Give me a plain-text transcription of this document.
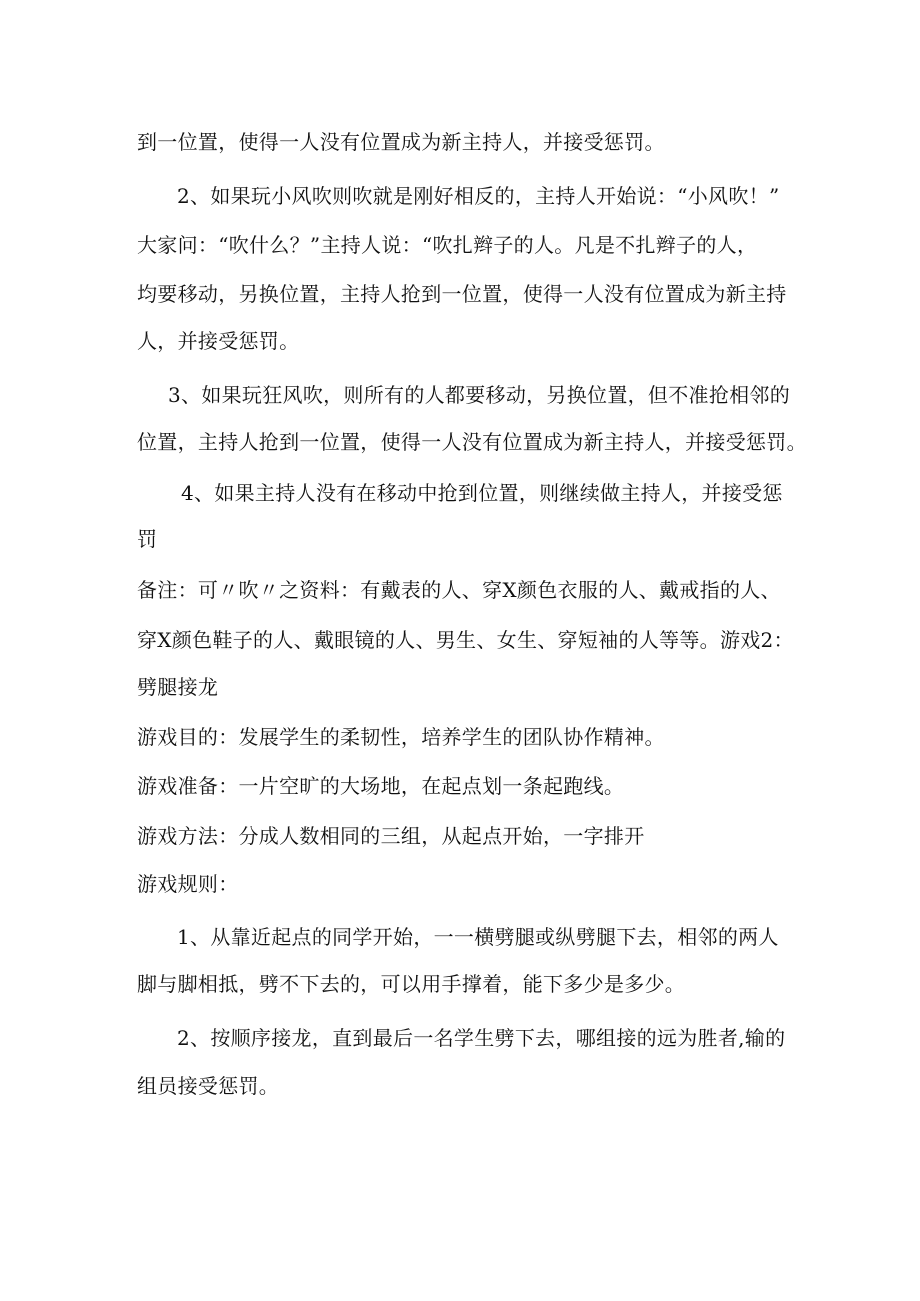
到一位置，使得一人没有位置成为新主持人，并接受惩罚。
2、如果玩小风吹则吹就是刚好相反的，主持人开始说：“小风吹！”
大家问：“吹什么？”主持人说：“吹扎辫子的人。凡是不扎辫子的人，
均要移动，另换位置，主持人抢到一位置，使得一人没有位置成为新主持
人，并接受惩罚。
3、如果玩狂风吹，则所有的人都要移动，另换位置，但不准抢相邻的
位置，主持人抢到一位置，使得一人没有位置成为新主持人，并接受惩罚。
4、如果主持人没有在移动中抢到位置，则继续做主持人，并接受惩
罚
备注：可〃吹〃之资料：有戴表的人、穿X颜色衣服的人、戴戒指的人、
穿X颜色鞋子的人、戴眼镜的人、男生、女生、穿短袖的人等等。游戏2：
劈腿接龙
游戏目的：发展学生的柔韧性，培养学生的团队协作精神。
游戏准备：一片空旷的大场地，在起点划一条起跑线。
游戏方法：分成人数相同的三组，从起点开始，一字排开
游戏规则：
1、从靠近起点的同学开始，一一横劈腿或纵劈腿下去，相邻的两人
脚与脚相抵，劈不下去的，可以用手撑着，能下多少是多少。
2、按顺序接龙，直到最后一名学生劈下去，哪组接的远为胜者,输的
组员接受惩罚。
